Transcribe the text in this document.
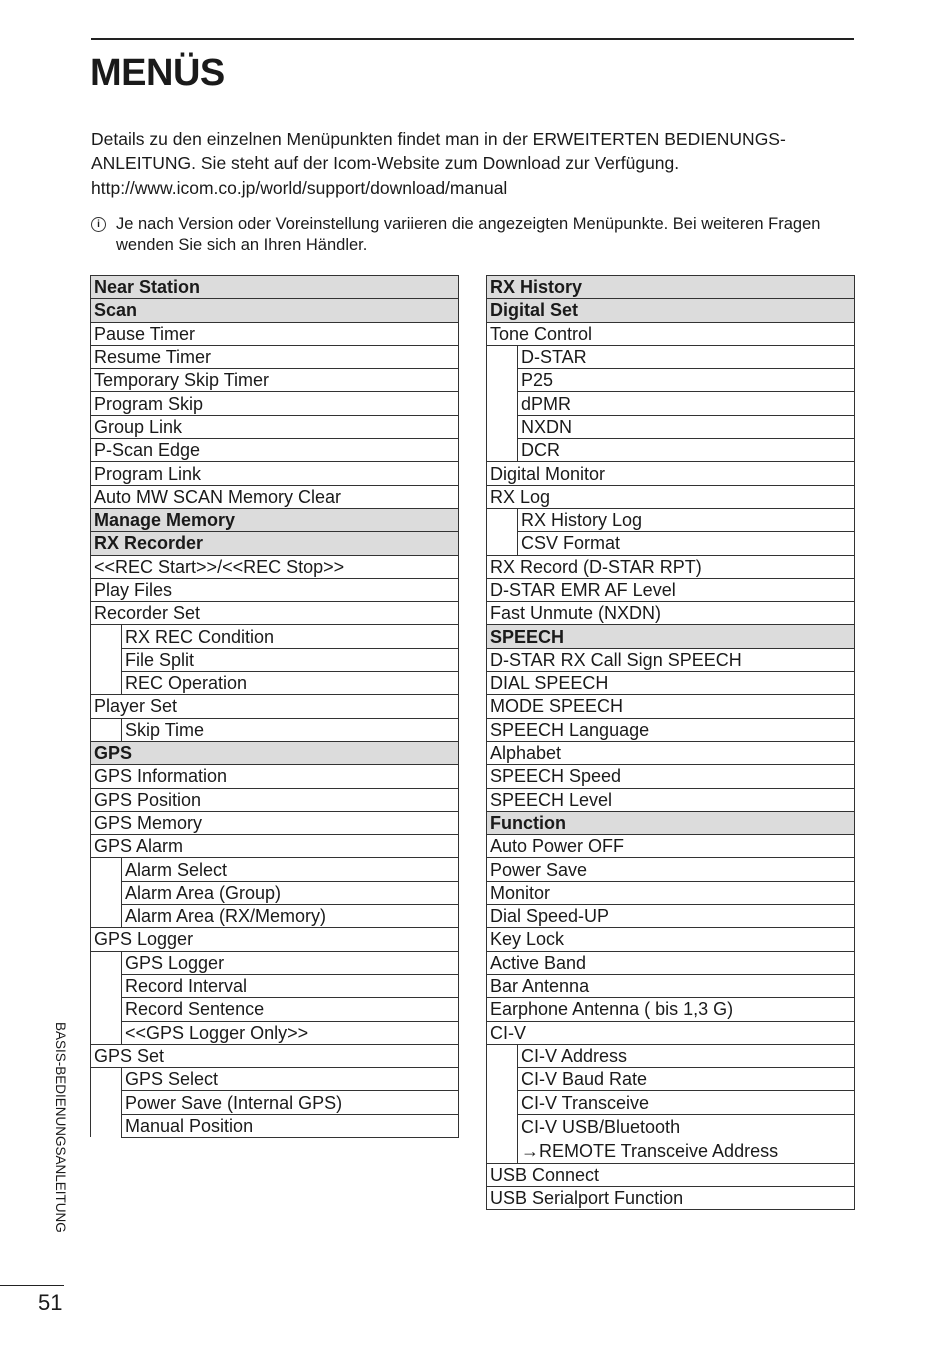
MENÜS
Details zu den einzelnen Menüpunkten findet man in der ERWEITERTEN BEDIENUNGS-ANLEITUNG. Sie steht auf der Icom-Website zum Download zur Verfügung.
http://www.icom.co.jp/world/support/download/manual
i Je nach Version oder Voreinstellung variieren die angezeigten Menüpunkte. Bei weiteren Fragen wenden Sie sich an Ihren Händler.
Near Station	
Scan	
Pause Timer	
Resume Timer	
Temporary Skip Timer	
Program Skip	
Group Link	
P-Scan Edge	
Program Link	
Auto MW SCAN Memory Clear	
Manage Memory	
RX Recorder	
<<REC Start>>/<<REC Stop>>	
Play Files	
Recorder Set	
	RX REC Condition
	File Split
	REC Operation
Player Set	
	Skip Time
GPS	
GPS Information	
GPS Position	
GPS Memory	
GPS Alarm	
	Alarm Select
	Alarm Area (Group)
	Alarm Area (RX/Memory)
GPS Logger	
	GPS Logger
	Record Interval
	Record Sentence
	<<GPS Logger Only>>
GPS Set	
	GPS Select
	Power Save (Internal GPS)
	Manual Position
RX History	
Digital Set	
Tone Control	
	D-STAR
	P25
	dPMR
	NXDN
	DCR
Digital Monitor	
RX Log	
	RX History Log
	CSV Format
RX Record (D-STAR RPT)	
D-STAR EMR AF Level	
Fast Unmute (NXDN)	
SPEECH	
D-STAR RX Call Sign SPEECH	
DIAL SPEECH	
MODE SPEECH	
SPEECH Language	
Alphabet	
SPEECH Speed	
SPEECH Level	
Function	
Auto Power OFF	
Power Save	
Monitor	
Dial Speed-UP	
Key Lock	
Active Band	
Bar Antenna	
Earphone Antenna ( bis 1,3 G)	
CI-V	
	CI-V Address
	CI-V Baud Rate
	CI-V Transceive
	CI-V USB/Bluetooth
→REMOTE Transceive Address
USB Connect	
USB Serialport Function	
BASIS-BEDIENUNGSANLEITUNG
51
